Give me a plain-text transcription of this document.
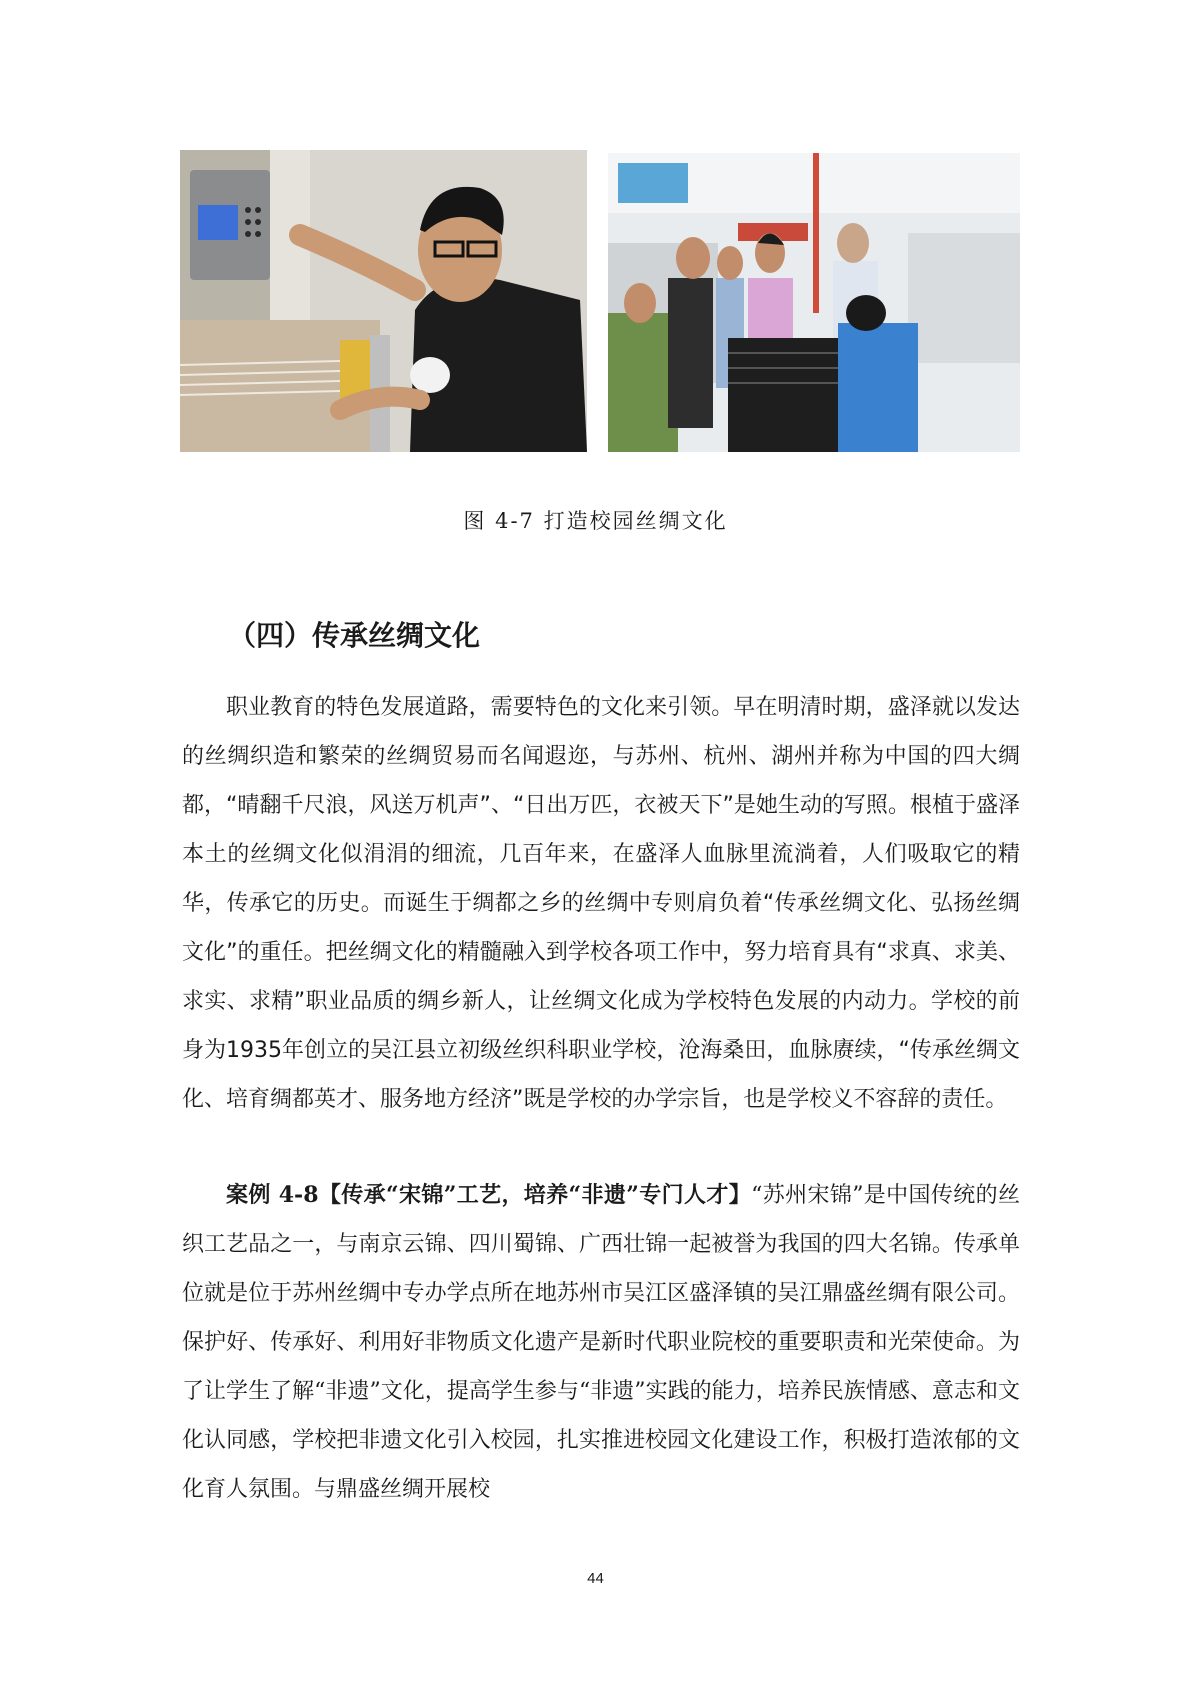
图 4-7 打造校园丝绸文化
（四）传承丝绸文化

职业教育的特色发展道路，需要特色的文化来引领。早在明清时期，盛泽就以发达的丝绸织造和繁荣的丝绸贸易而名闻遐迩，与苏州、杭州、湖州并称为中国的四大绸都，“晴翻千尺浪，风送万机声”、“日出万匹，衣被天下”是她生动的写照。根植于盛泽本土的丝绸文化似涓涓的细流，几百年来，在盛泽人血脉里流淌着，人们吸取它的精华，传承它的历史。而诞生于绸都之乡的丝绸中专则肩负着“传承丝绸文化、弘扬丝绸文化”的重任。把丝绸文化的精髓融入到学校各项工作中，努力培育具有“求真、求美、求实、求精”职业品质的绸乡新人，让丝绸文化成为学校特色发展的内动力。学校的前身为1935年创立的吴江县立初级丝织科职业学校，沧海桑田，血脉赓续，“传承丝绸文化、培育绸都英才、服务地方经济”既是学校的办学宗旨，也是学校义不容辞的责任。

案例 4-8【传承“宋锦”工艺，培养“非遗”专门人才】“苏州宋锦”是中国传统的丝织工艺品之一，与南京云锦、四川蜀锦、广西壮锦一起被誉为我国的四大名锦。传承单位就是位于苏州丝绸中专办学点所在地苏州市吴江区盛泽镇的吴江鼎盛丝绸有限公司。保护好、传承好、利用好非物质文化遗产是新时代职业院校的重要职责和光荣使命。为了让学生了解“非遗”文化，提高学生参与“非遗”实践的能力，培养民族情感、意志和文化认同感，学校把非遗文化引入校园，扎实推进校园文化建设工作，积极打造浓郁的文化育人氛围。与鼎盛丝绸开展校

44
